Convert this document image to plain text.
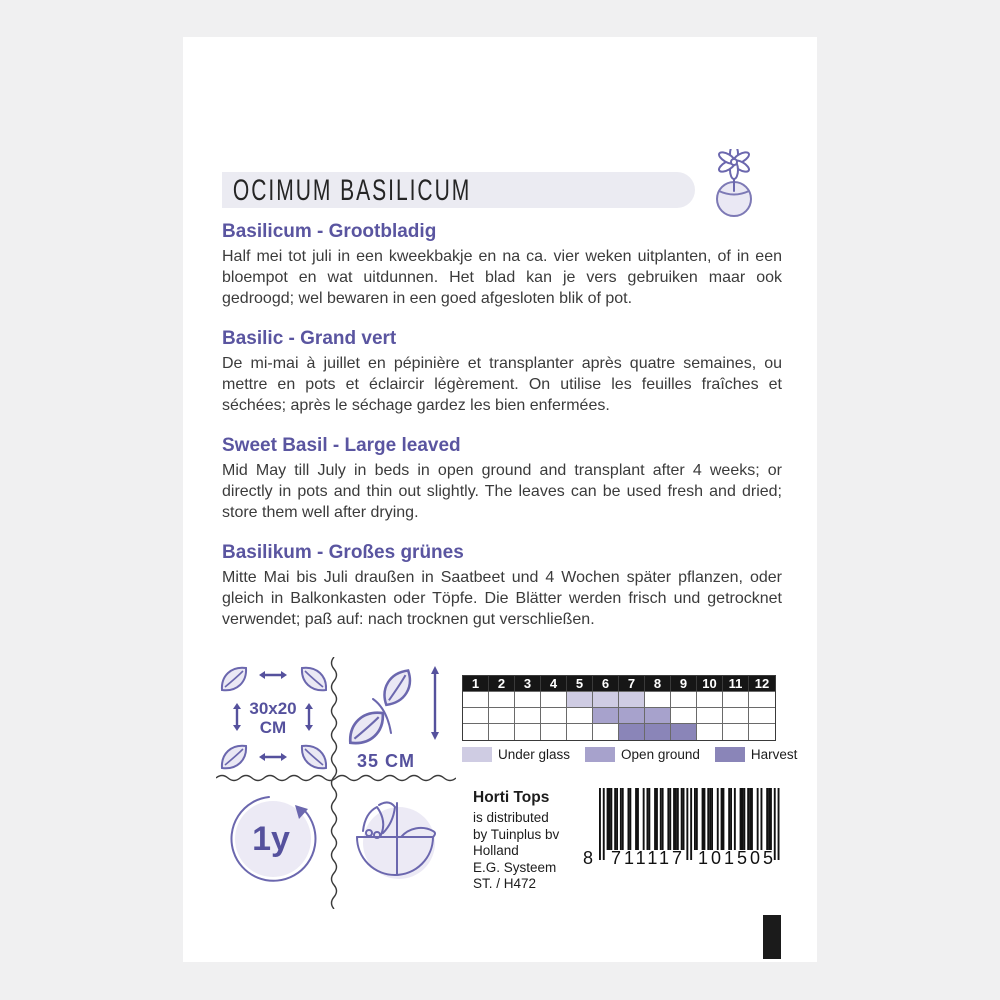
OCIMUM BASILICUM
Basilicum - Grootbladig

Half mei tot juli in een kweekbakje en na ca. vier weken uitplanten, of in een bloempot en wat uitdunnen. Het blad kan je vers gebruiken maar ook gedroogd; wel bewaren in een goed afgesloten blik of pot.

Basilic - Grand vert

De mi-mai à juillet en pépinière et transplanter après quatre semaines, ou mettre en pots et éclaircir légèrement. On utilise les feuilles fraîches et séchées; après le séchage gardez les bien enfermées.

Sweet Basil - Large leaved

Mid May till July in beds in open ground and transplant after 4 weeks; or directly in pots and thin out slightly. The leaves can be used fresh and dried; store them well after drying.

Basilikum - Großes grünes

Mitte Mai bis Juli draußen in Saatbeet und 4 Wochen später pflanzen, oder gleich in Balkonkasten oder Töpfe. Die Blätter werden frisch und getrocknet verwendet; paß auf: nach trocknen gut verschließen.

30x20
CM
35 CM
1y
1	2	3	4	5	6	7	8	9	10 11 12
Under glass	Open ground	Harvest
Horti Tops
is distributed
by Tuinplus bv
Holland
E.G. Systeem
ST. / H472
8 711117 101505
